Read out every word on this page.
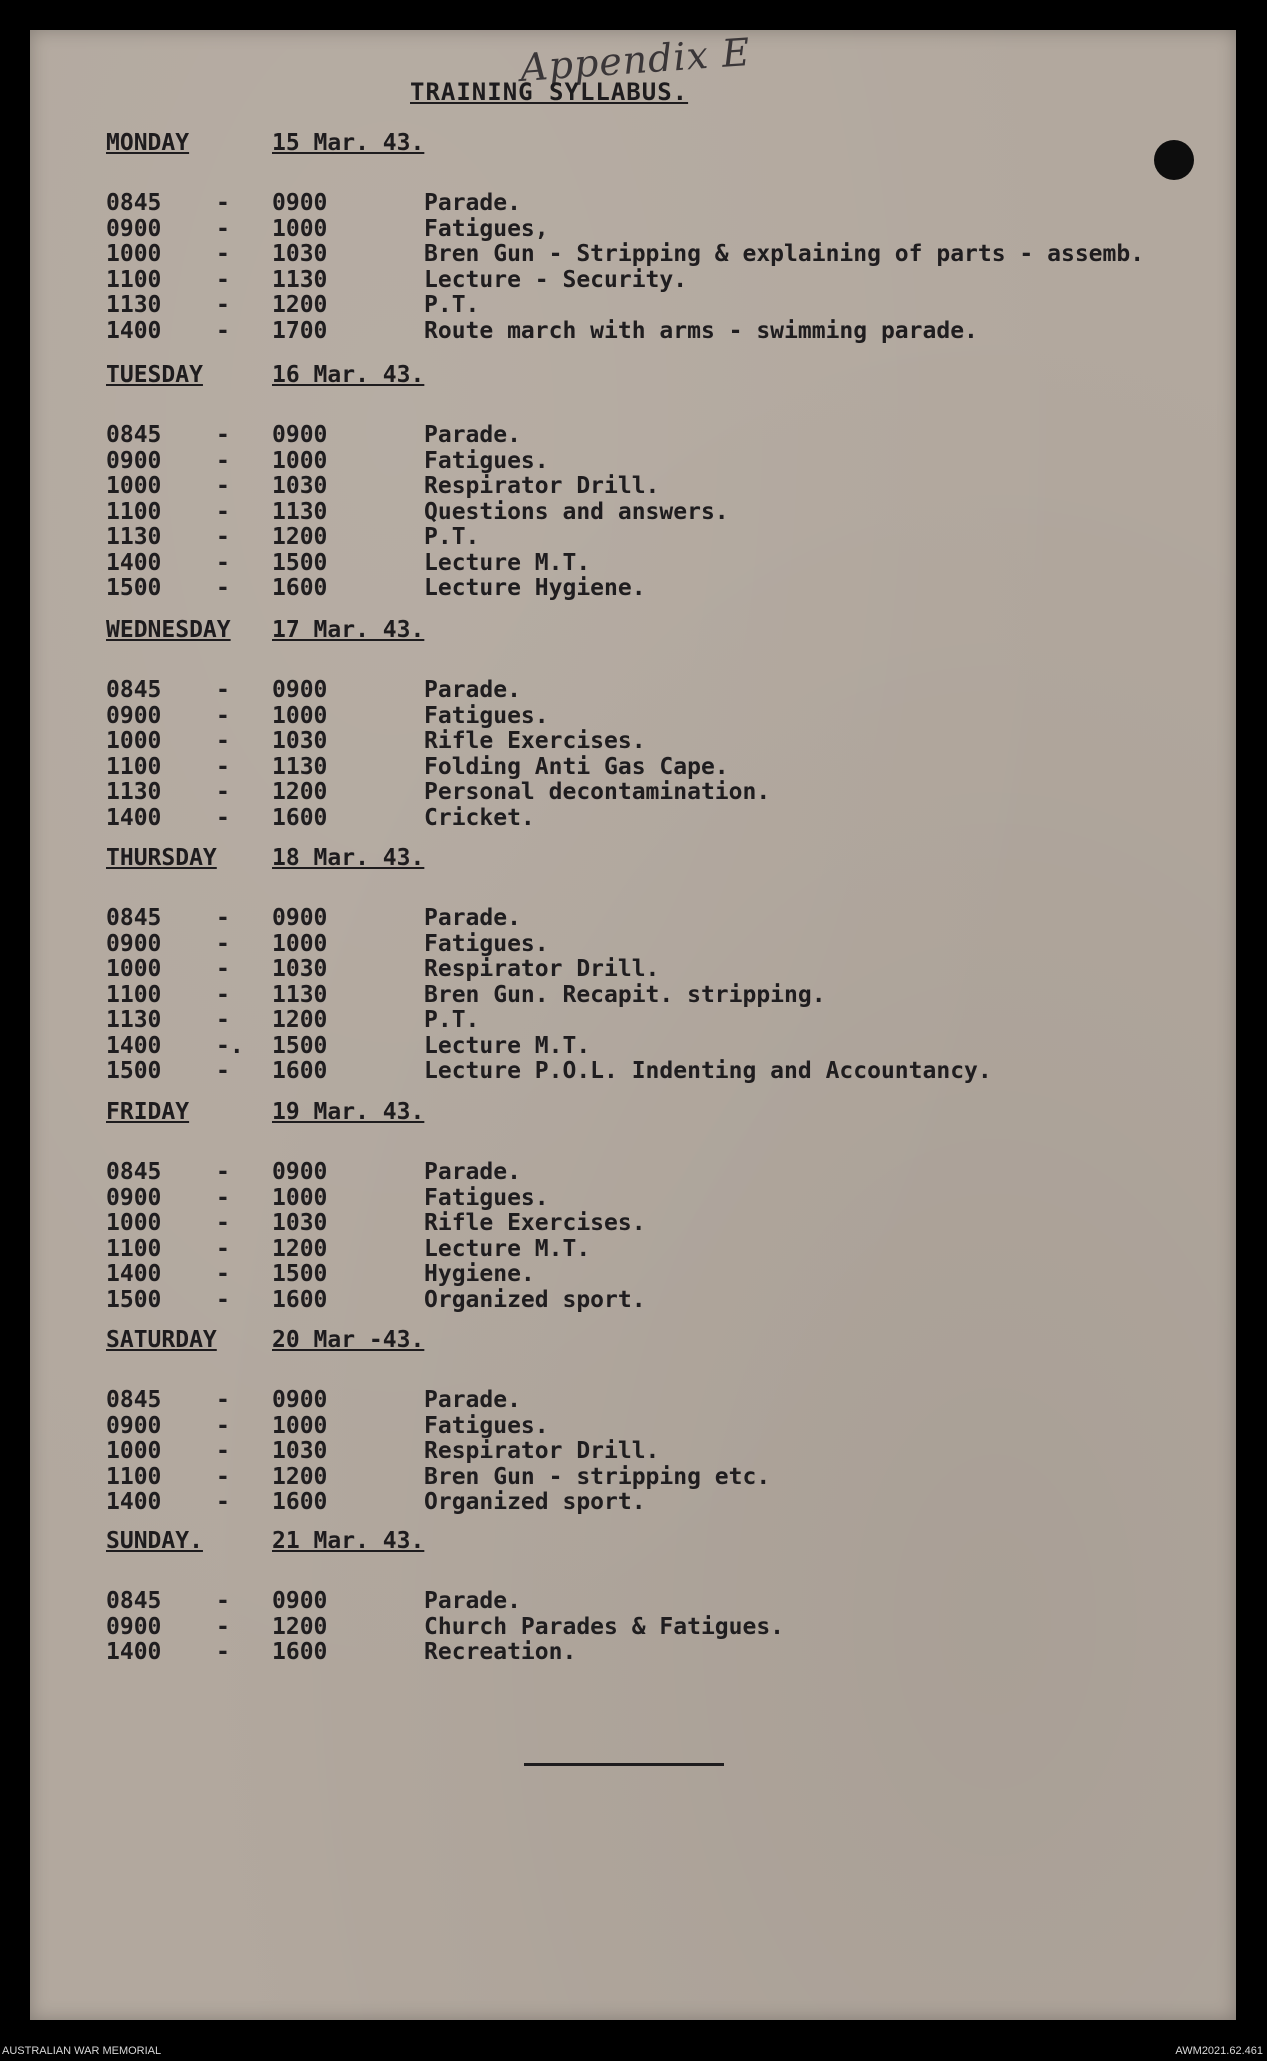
Appendix E
TRAINING SYLLABUS.
MONDAY	15 Mar. 43.
0845 - 0900	Parade.
0900 - 1000	Fatigues,
1000 - 1030	Bren Gun - Stripping & explaining of parts - assemb.
1100 - 1130	Lecture - Security.
1130 - 1200	P.T.
1400 - 1700	Route march with arms - swimming parade.
TUESDAY	16 Mar. 43.
0845 - 0900	Parade.
0900 - 1000	Fatigues.
1000 - 1030	Respirator Drill.
1100 - 1130	Questions and answers.
1130 - 1200	P.T.
1400 - 1500	Lecture M.T.
1500 - 1600	Lecture Hygiene.
WEDNESDAY 17 Mar. 43.
0845 - 0900	Parade.
0900 - 1000	Fatigues.
1000 - 1030	Rifle Exercises.
1100 - 1130	Folding Anti Gas Cape.
1130 - 1200	Personal decontamination.
1400 - 1600	Cricket.
THURSDAY 18 Mar. 43.
0845 - 0900	Parade.
0900 - 1000	Fatigues.
1000 - 1030	Respirator Drill.
1100 - 1130	Bren Gun. Recapit. stripping.
1130 - 1200	P.T.
1400 -. 1500	Lecture M.T.
1500 - 1600	Lecture P.O.L. Indenting and Accountancy.
FRIDAY	19 Mar. 43.
0845 - 0900	Parade.
0900 - 1000	Fatigues.
1000 - 1030	Rifle Exercises.
1100 - 1200	Lecture M.T.
1400 - 1500	Hygiene.
1500 - 1600	Organized sport.
SATURDAY 20 Mar -43.
0845 - 0900	Parade.
0900 - 1000	Fatigues.
1000 - 1030	Respirator Drill.
1100 - 1200	Bren Gun - stripping etc.
1400 - 1600	Organized sport.
SUNDAY.	21 Mar. 43.
0845 - 0900	Parade.
0900 - 1200	Church Parades & Fatigues.
1400 - 1600	Recreation.
AUSTRALIAN WAR MEMORIAL	AWM2021.62.461
